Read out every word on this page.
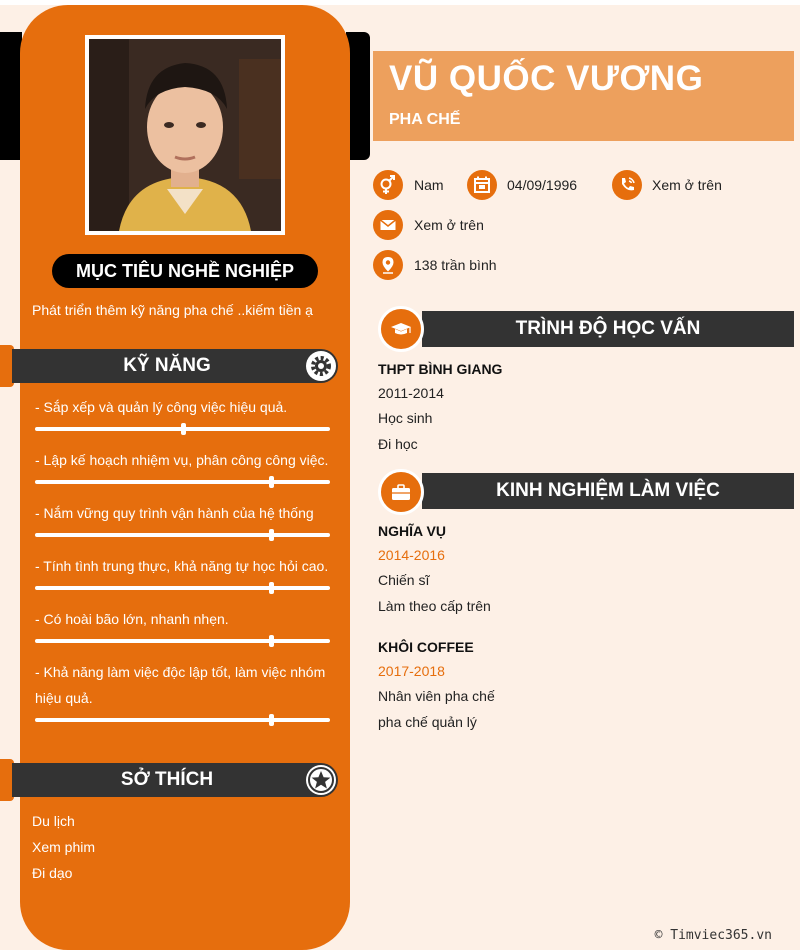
MỤC TIÊU NGHỀ NGHIỆP
Phát triển thêm kỹ năng pha chế ..kiếm tiền ạ
KỸ NĂNG
- Sắp xếp và quản lý công việc hiệu quả.
- Lập kế hoạch nhiệm vụ, phân công công việc.
- Nắm vững quy trình vận hành của hệ thống
- Tính tình trung thực, khả năng tự học hỏi cao.
- Có hoài bão lớn, nhanh nhẹn.
- Khả năng làm việc độc lập tốt, làm việc nhóm hiệu quả.
SỞ THÍCH
Du lịch
Xem phim
Đi dạo
VŨ QUỐC VƯƠNG
PHA CHẾ
Nam	04/09/1996	Xem ở trên
Xem ở trên
138 trần bình
TRÌNH ĐỘ HỌC VẤN
THPT BÌNH GIANG
2011-2014
Học sinh
Đi học
KINH NGHIỆM LÀM VIỆC
NGHĨA VỤ
2014-2016
Chiến sĩ
Làm theo cấp trên
KHÔI COFFEE
2017-2018
Nhân viên pha chế
pha chế quản lý
© Timviec365.vn
